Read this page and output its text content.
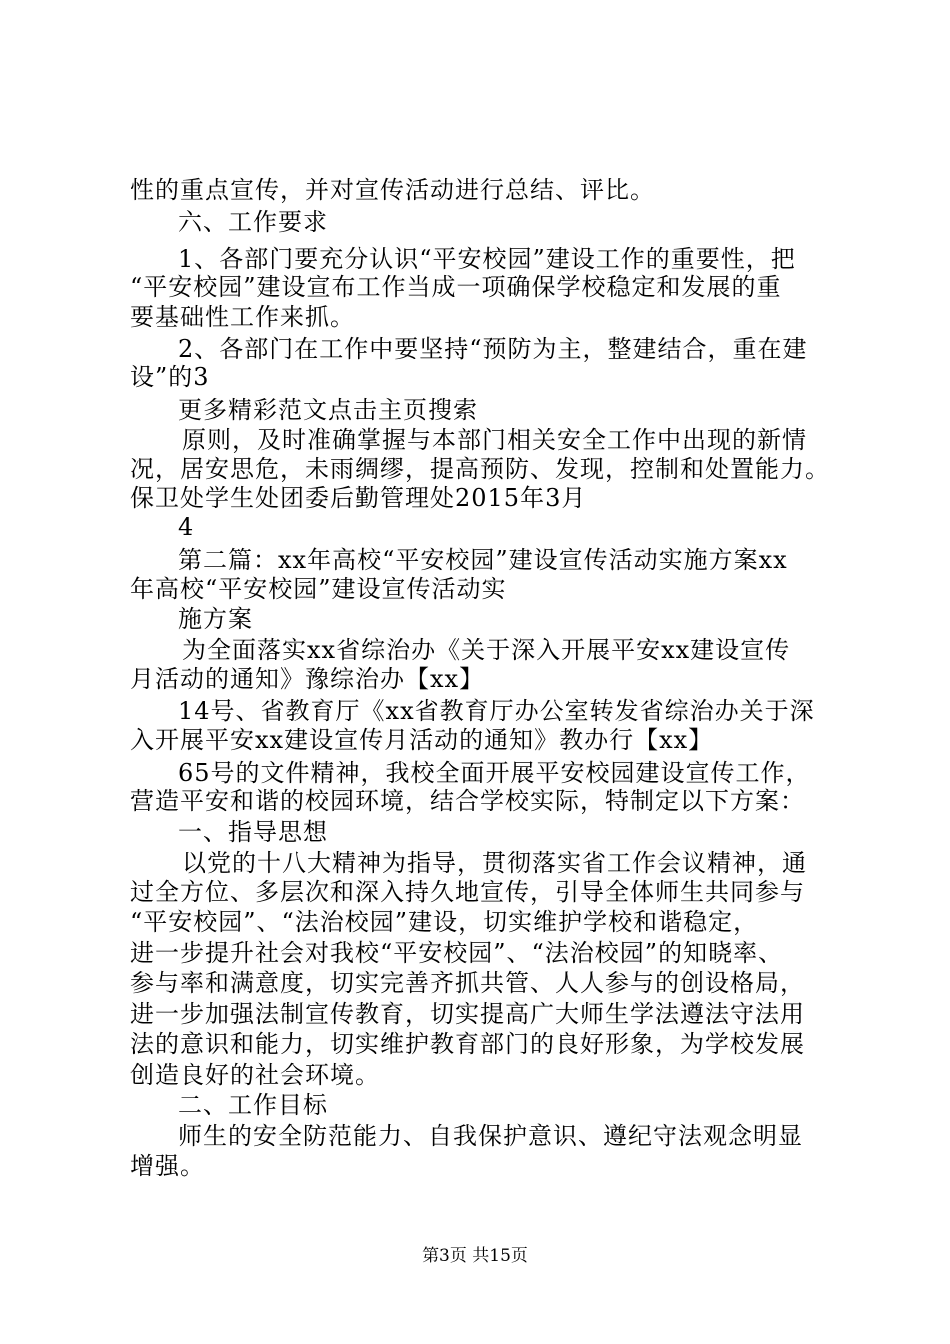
性的重点宣传，并对宣传活动进行总结、评比。
六、工作要求
1、各部门要充分认识“平安校园”建设工作的重要性，把
“平安校园”建设宣布工作当成一项确保学校稳定和发展的重
要基础性工作来抓。
2、各部门在工作中要坚持“预防为主，整建结合，重在建
设”的3
更多精彩范文点击主页搜索
原则，及时准确掌握与本部门相关安全工作中出现的新情
况，居安思危，未雨绸缪，提高预防、发现，控制和处置能力。
保卫处学生处团委后勤管理处2015年3月
4
第二篇：xx年高校“平安校园”建设宣传活动实施方案xx
年高校“平安校园”建设宣传活动实
施方案
为全面落实xx省综治办《关于深入开展平安xx建设宣传
月活动的通知》豫综治办【xx】
14号、省教育厅《xx省教育厅办公室转发省综治办关于深
入开展平安xx建设宣传月活动的通知》教办行【xx】
65号的文件精神，我校全面开展平安校园建设宣传工作，
营造平安和谐的校园环境，结合学校实际，特制定以下方案：
一、指导思想
以党的十八大精神为指导，贯彻落实省工作会议精神，通
过全方位、多层次和深入持久地宣传，引导全体师生共同参与
“平安校园”、“法治校园”建设，切实维护学校和谐稳定，
进一步提升社会对我校“平安校园”、“法治校园”的知晓率、
参与率和满意度，切实完善齐抓共管、人人参与的创设格局，
进一步加强法制宣传教育，切实提高广大师生学法遵法守法用
法的意识和能力，切实维护教育部门的良好形象，为学校发展
创造良好的社会环境。
二、工作目标
师生的安全防范能力、自我保护意识、遵纪守法观念明显
增强。
第3页 共15页
